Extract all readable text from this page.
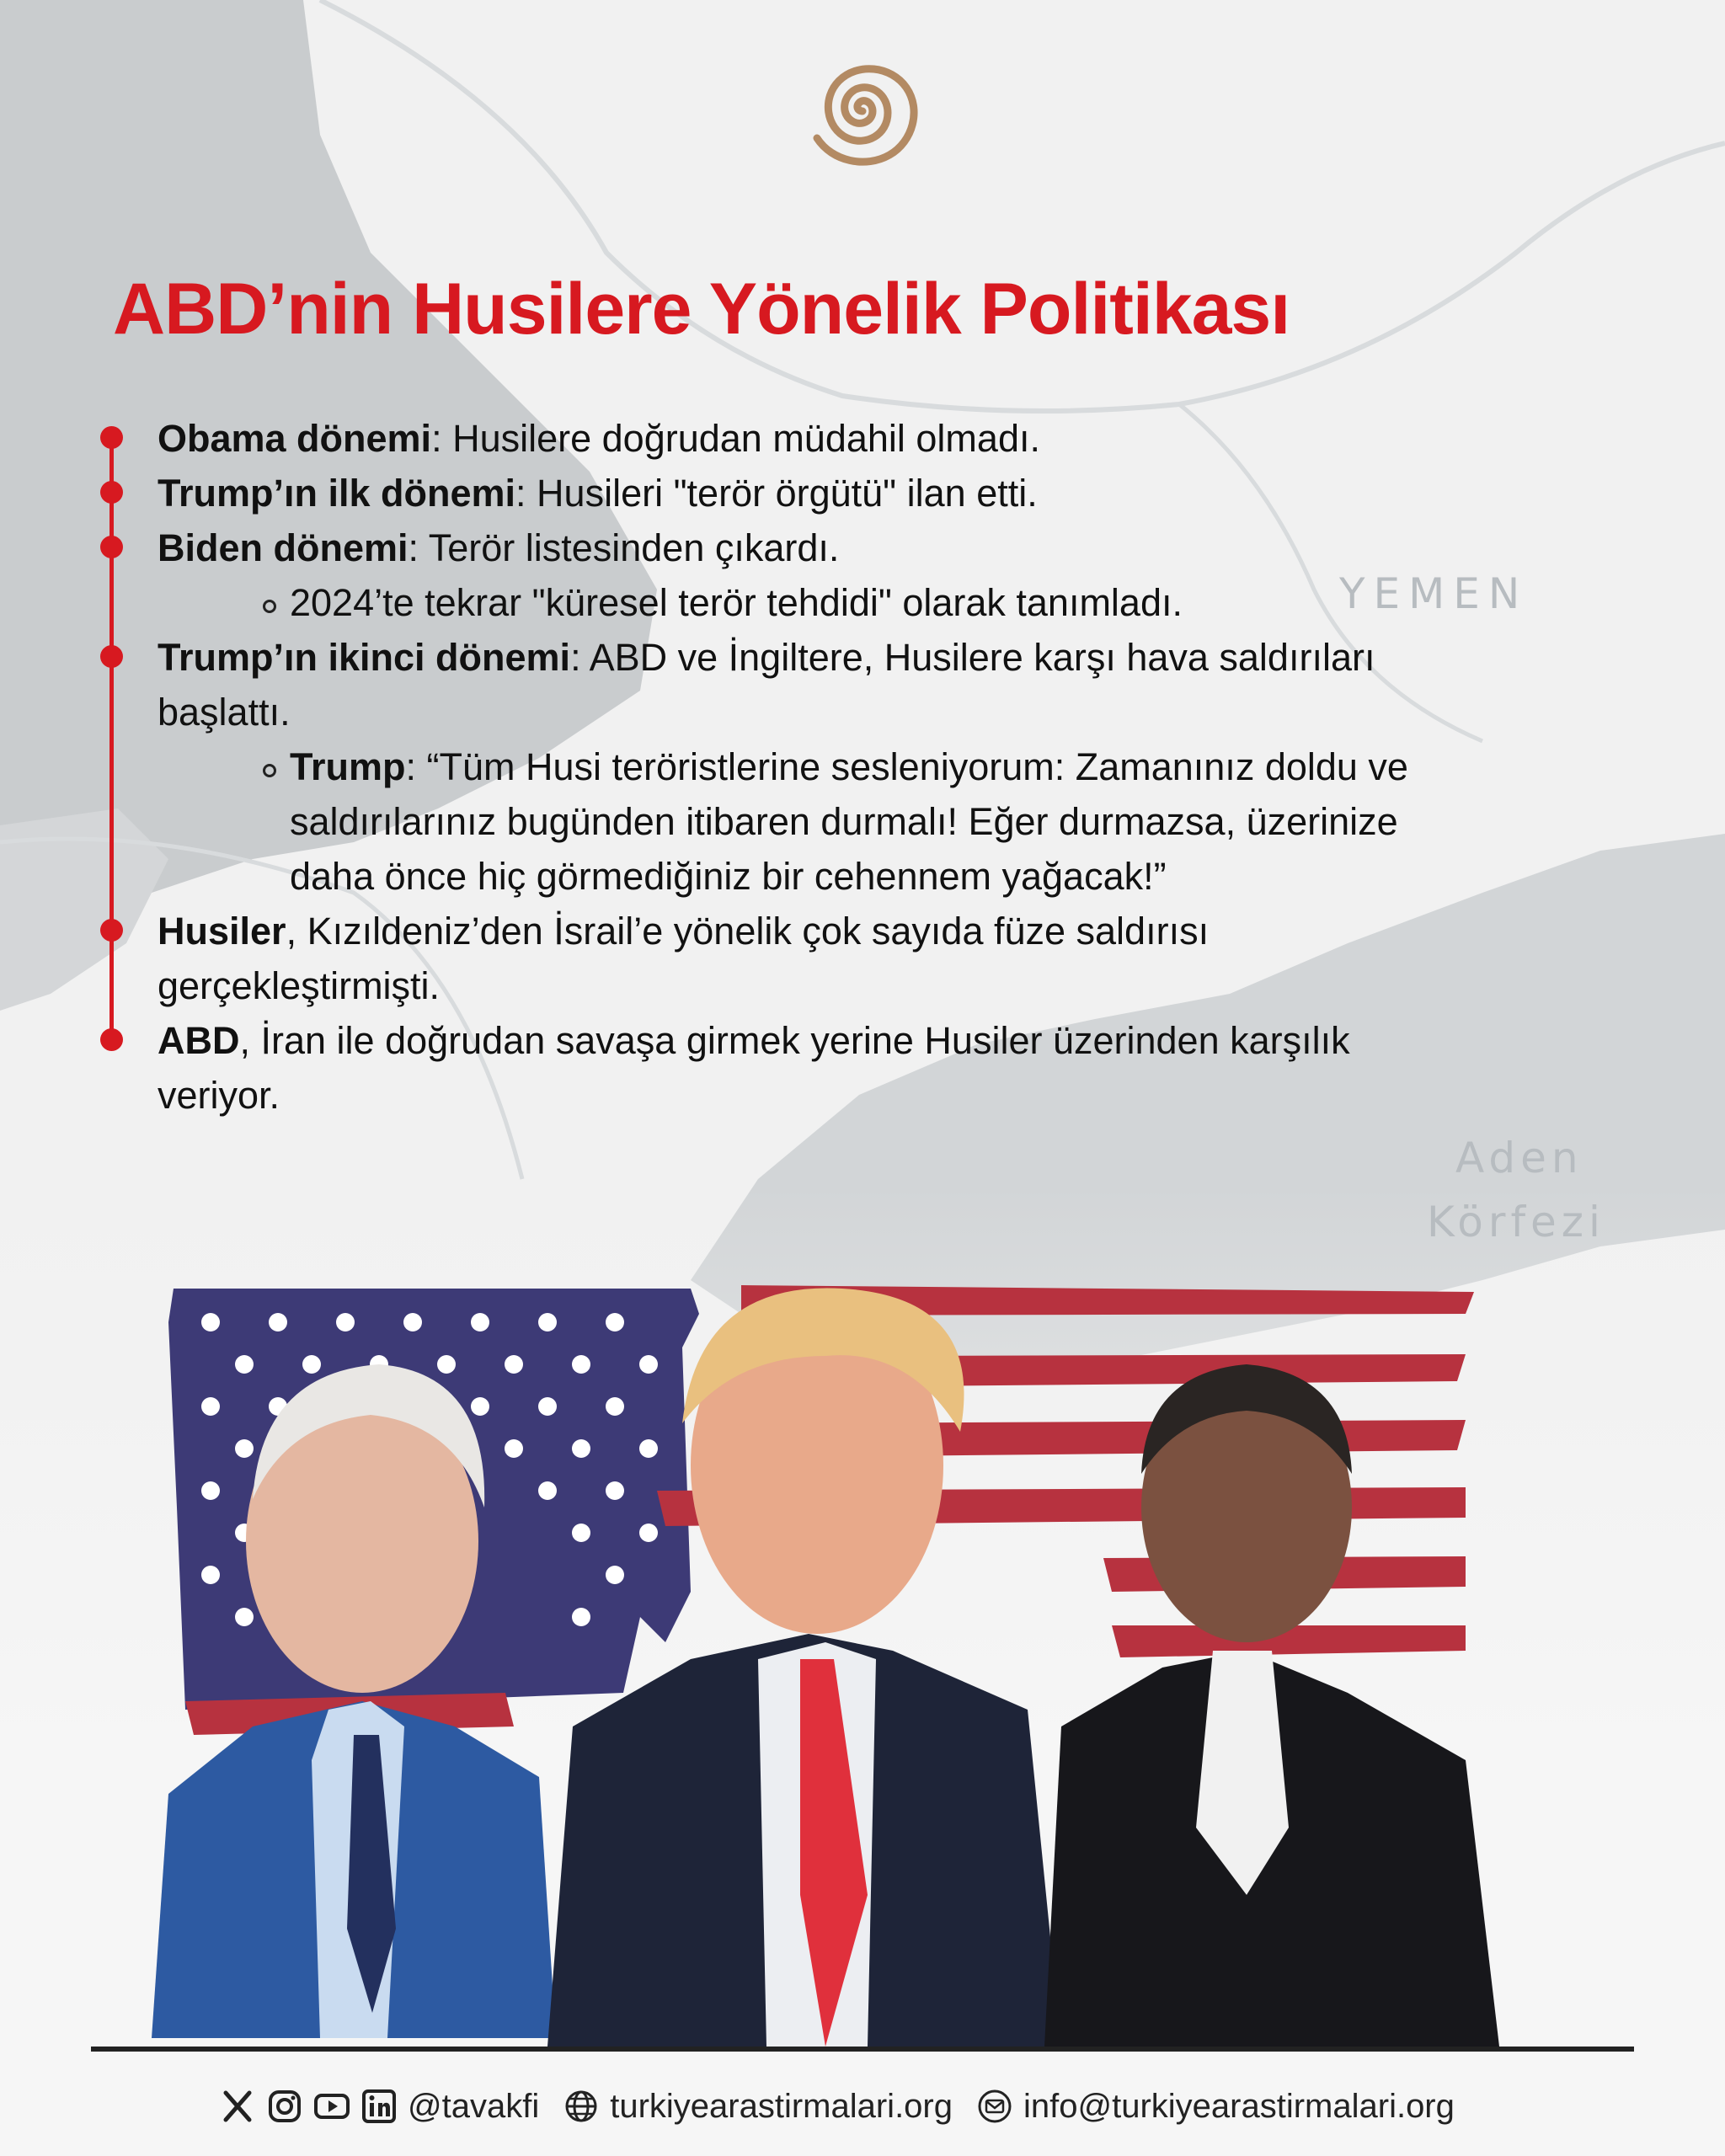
YEMEN
Aden
Körfezi
ABD’nin Husilere Yönelik Politikası

Obama dönemi: Husilere doğrudan müdahil olmadı.

Trump’ın ilk dönemi: Husileri "terör örgütü" ilan etti.

Biden dönemi: Terör listesinden çıkardı.

2024’te tekrar "küresel terör tehdidi" olarak tanımladı.

Trump’ın ikinci dönemi: ABD ve İngiltere, Husilere karşı hava saldırıları başlattı.

Trump: “Tüm Husi teröristlerine sesleniyorum: Zamanınız doldu ve saldırılarınız bugünden itibaren durmalı! Eğer durmazsa, üzerinize daha önce hiç görmediğiniz bir cehennem yağacak!”

Husiler, Kızıldeniz’den İsrail’e yönelik çok sayıda füze saldırısı gerçekleştirmişti.

ABD, İran ile doğrudan savaşa girmek yerine Husiler üzerinden karşılık veriyor.

@tavakfi turkiyearastirmalari.org info@turkiyearastirmalari.org
